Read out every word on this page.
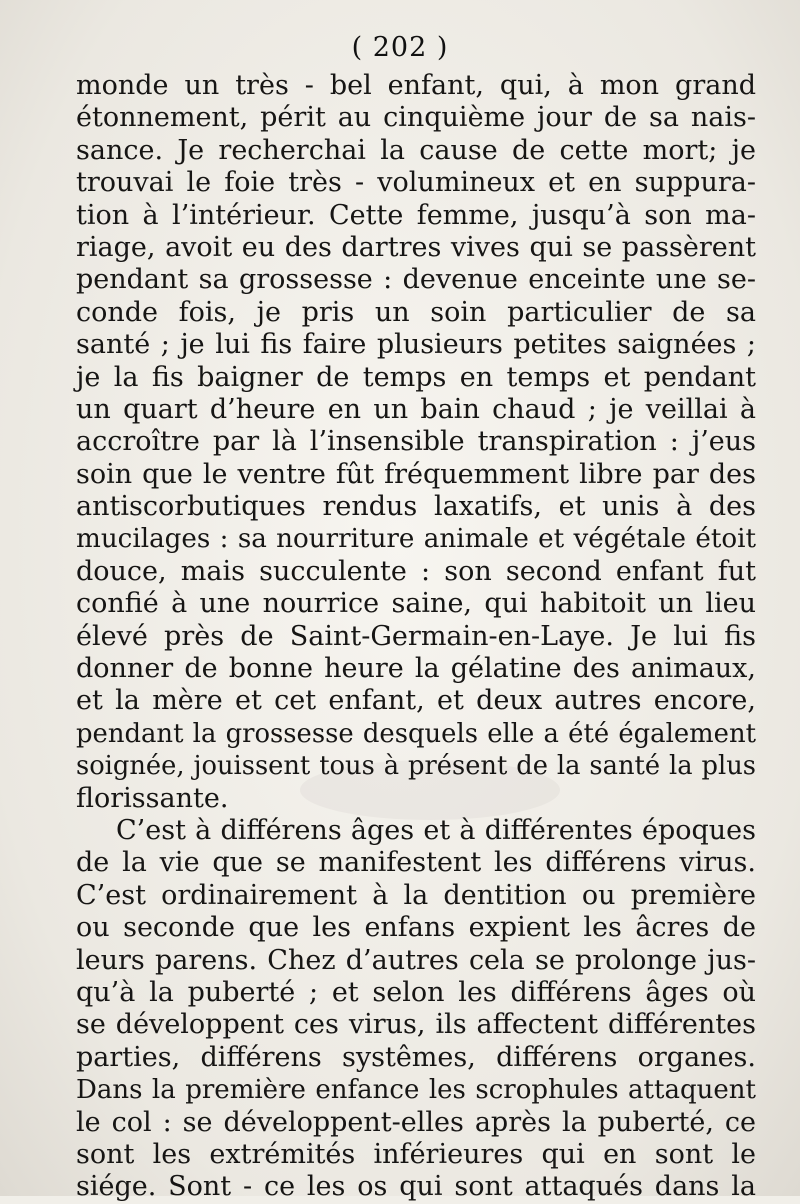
( 202 )
monde un très - bel enfant, qui, à mon grand
étonnement, périt au cinquième jour de sa nais-
sance. Je recherchai la cause de cette mort; je
trouvai le foie très - volumineux et en suppura-
tion à l’intérieur. Cette femme, jusqu’à son ma-
riage, avoit eu des dartres vives qui se passèrent
pendant sa grossesse : devenue enceinte une se-
conde fois, je pris un soin particulier de sa
santé ; je lui fis faire plusieurs petites saignées ;
je la fis baigner de temps en temps et pendant
un quart d’heure en un bain chaud ; je veillai à
accroître par là l’insensible transpiration : j’eus
soin que le ventre fût fréquemment libre par des
antiscorbutiques rendus laxatifs, et unis à des
mucilages : sa nourriture animale et végétale étoit
douce, mais succulente : son second enfant fut
confié à une nourrice saine, qui habitoit un lieu
élevé près de Saint-Germain-en-Laye. Je lui fis
donner de bonne heure la gélatine des animaux,
et la mère et cet enfant, et deux autres encore,
pendant la grossesse desquels elle a été également
soignée, jouissent tous à présent de la santé la plus
florissante.
C’est à différens âges et à différentes époques
de la vie que se manifestent les différens virus.
C’est ordinairement à la dentition ou première
ou seconde que les enfans expient les âcres de
leurs parens. Chez d’autres cela se prolonge jus-
qu’à la puberté ; et selon les différens âges où
se développent ces virus, ils affectent différentes
parties, différens systêmes, différens organes.
Dans la première enfance les scrophules attaquent
le col : se développent-elles après la puberté, ce
sont les extrémités inférieures qui en sont le
siége. Sont - ce les os qui sont attaqués dans la
